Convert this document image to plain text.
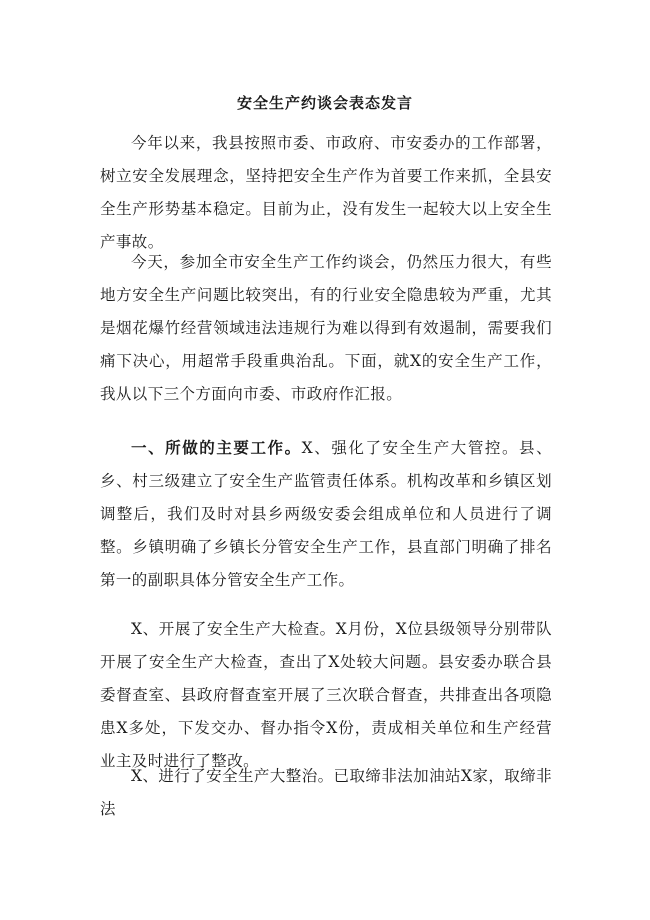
安全生产约谈会表态发言

今年以来，我县按照市委、市政府、市安委办的工作部署，树立安全发展理念，坚持把安全生产作为首要工作来抓，全县安全生产形势基本稳定。目前为止，没有发生一起较大以上安全生产事故。

今天，参加全市安全生产工作约谈会，仍然压力很大，有些地方安全生产问题比较突出，有的行业安全隐患较为严重，尤其是烟花爆竹经营领域违法违规行为难以得到有效遏制，需要我们痛下决心，用超常手段重典治乱。下面，就X的安全生产工作，我从以下三个方面向市委、市政府作汇报。

一、所做的主要工作。X、强化了安全生产大管控。县、乡、村三级建立了安全生产监管责任体系。机构改革和乡镇区划调整后，我们及时对县乡两级安委会组成单位和人员进行了调整。乡镇明确了乡镇长分管安全生产工作，县直部门明确了排名第一的副职具体分管安全生产工作。

X、开展了安全生产大检查。X月份，X位县级领导分别带队开展了安全生产大检查，查出了X处较大问题。县安委办联合县委督查室、县政府督查室开展了三次联合督查，共排查出各项隐患X多处，下发交办、督办指令X份，责成相关单位和生产经营业主及时进行了整改。

X、进行了安全生产大整治。已取缔非法加油站X家，取缔非法
